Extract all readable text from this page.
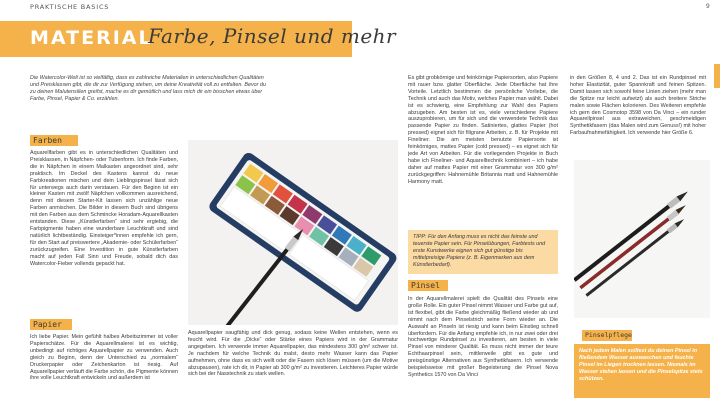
PRAKTISCHE BASICS	9
MATERIAL
Farbe, Pinsel und mehr

Die Watercolor-Welt ist so vielfältig, dass es zahlreiche Materialien in unterschiedlichen Qualitäten und Preisklassen gibt, die dir zur Verfügung stehen, um deine Kreativität voll zu entfalten. Bevor du zu deinen Malutensilien greifst, mache es dir gemütlich und lass mich dir ein bisschen etwas über Farbe, Pinsel, Papier & Co. erzählen.

Farben

Aquarellfarben gibt es in unterschiedlichen Qualitäten und Preisklassen, in Näpfchen- oder Tubenform. Ich finde Farben, die in Näpfchen in einem Malkasten angeordnet sind, sehr praktisch. Im Deckel des Kastens kannst du neue Farbkreationen mischen und dein Lieblingspinsel lässt sich für unterwegs auch darin verstauen. Für den Beginn ist ein kleiner Kasten mit zwölf Näpfchen vollkommen ausreichend, denn mit diesem Starter-Kit lassen sich unzählige neue Farben anmischen. Die Bilder in diesem Buch sind übrigens mit den Farben aus dem Schmincke Horadam-Aquarellkasten entstanden. Diese „Künstlerfarben“ sind sehr ergiebig, die Farbpigmente haben eine wunderbare Leuchtkraft und sind natürlich lichtbeständig. Einsteiger*innen empfehle ich gern, für den Start auf preiswertere „Akademie- oder Schülerfarben“ zurückzugreifen. Eine Investition in gute Künstlerfarben macht auf jeden Fall Sinn und Freude, sobald dich das Watercolor-Fieber vollends gepackt hat.

Papier

Ich liebe Papier. Mein gefühlt halbes Arbeitszimmer ist voller Papierschätze. Für die Aquarellmalerei ist es wichtig, unbedingt auf richtiges Aquarellpapier zu verwenden. Auch gleich zu Beginn, denn der Unterschied zu „normalem“ Druckerpapier oder Zeichenkarton ist riesig. Auf Aquarellpapier verläuft die Farbe schön, die Pigmente können ihre volle Leuchtkraft entwickeln und außerdem ist

Aquarellpapier saugfähig und dick genug, sodass keine Wellen entstehen, wenn es feucht wird. Für die „Dicke“ oder Stärke eines Papiers wird in der Grammatur angegeben. Ich verwende immer Aquarellpapier, das mindestens 300 g/m² schwer ist. Je nachdem für welche Technik du malst, desto mehr Wasser kann das Papier aufnehmen, ohne dass es sich wellt oder die Fasern sich lösen müssen (um die Motive abzupausen), rate ich dir, in Papier ab 300 g/m² zu investieren. Leichteres Papier würde sich bei der Nasstechnik zu stark wellen.

Es gibt grobkörnige und feinkörnige Papiersorten, also Papiere mit rauer bzw. glatter Oberfläche. Jede Oberfläche hat ihre Vorteile. Letztlich bestimmen die persönliche Vorliebe, die Technik und auch das Motiv, welches Papier man wählt. Dabei ist es schwierig, eine Empfehlung zur Wahl des Papiers abzugeben. Am besten ist es, viele verschiedene Papiere auszuprobieren, um für sich und die verwendete Technik das passende Papier zu finden. Satiniertes, glattes Papier (hot pressed) eignet sich für filigrane Arbeiten, z. B. für Projekte mit Fineliner. Die am meisten benutzte Papiersorte ist feinkörniges, mattes Papier (cold pressed) – es eignet sich für jede Art von Arbeiten. Für die vorliegenden Projekte in Buch habe ich Fineliner- und Aquarelltechnik kombiniert – ich habe daher auf mattes Papier mit einer Grammatur von 300 g/m² zurückgegriffen: Hahnemühle Britannia matt und Hahnemühle Harmony matt.

TIPP: Für den Anfang muss es nicht das feinste und teuerste Papier sein. Für Pinselübungen, Farbtests und erste Kunstwerke eignen sich gut günstige bis mittelpreisige Papiere (z. B. Eigenmarken aus dem Künstlerbedarf).
Pinsel

In der Aquarellmalerei spielt die Qualität des Pinsels eine große Rolle. Ein guter Pinsel nimmt Wasser und Farbe gut auf, ist flexibel, gibt die Farbe gleichmäßig fließend wieder ab und nimmt nach dem Pinselstrich seine Form wieder an. Die Auswahl an Pinseln ist riesig und kann beim Einstieg schnell überfordern. Für die Anfang empfehle ich, in nur zwei oder drei hochwertige Rundpinsel zu investieren, am besten in viele Pinsel von minderer Qualität. Es muss nicht immer der teure Echthaarpinsel sein, mittlerweile gibt es gute und preisgünstige Alternativen aus Synthetikfasern. Ich verwende beispielsweise mit großer Begeisterung die Pinsel Nova Synthetics 1570 von Da Vinci

in den Größen 8, 4 und 2. Das ist ein Rundpinsel mit hoher Elastizität, guter Spannkraft und feinen Spitzen. Damit lassen sich sowohl feine Linien ziehen (mehr man die Spitze nur leicht aufsetzt) als auch breitere Striche malen sowie Flächen kolorieren. Des Weiteren empfehle ich gern den Cosmotop 3598 von Da Vinci – ein runder Aquarellpinsel aus extraweichen, geschmeidigen Synthetikfasern (das Malen wird zum Genuss!) mit hoher Farbaufnahmefähigkeit. Ich verwende hier Größe 6.

Pinselpflege
Nach jedem Malen solltest du deinen Pinsel in fließendem Wasser auswaschen und feuchte Pinsel im Liegen trocknen lassen. Niemals im Wasser stehen lassen und die Pinselspitze stets schützen.
